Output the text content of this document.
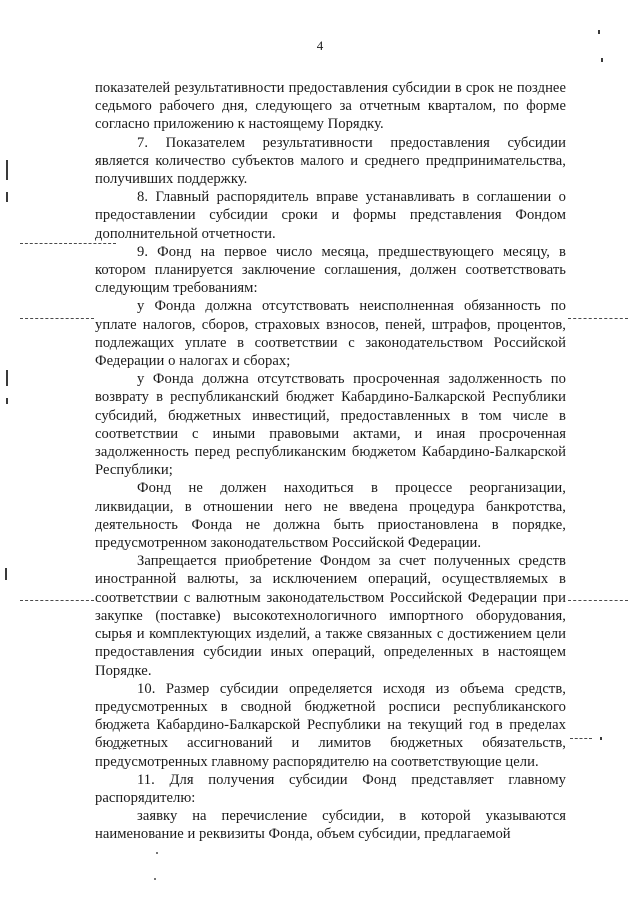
4

показателей результативности предоставления субсидии в срок не позднее седьмого рабочего дня, следующего за отчетным кварталом, по форме согласно приложению к настоящему Порядку.

7. Показателем результативности предоставления субсидии является количество субъектов малого и среднего предпринимательства, получивших поддержку.

8. Главный распорядитель вправе устанавливать в соглашении о предоставлении субсидии сроки и формы представления Фондом дополнительной отчетности.

9. Фонд на первое число месяца, предшествующего месяцу, в котором планируется заключение соглашения, должен соответствовать следующим требованиям:

у Фонда должна отсутствовать неисполненная обязанность по уплате налогов, сборов, страховых взносов, пеней, штрафов, процентов, подлежащих уплате в соответствии с законодательством Российской Федерации о налогах и сборах;

у Фонда должна отсутствовать просроченная задолженность по возврату в республиканский бюджет Кабардино-Балкарской Республики субсидий, бюджетных инвестиций, предоставленных в том числе в соответствии с иными правовыми актами, и иная просроченная задолженность перед республиканским бюджетом Кабардино-Балкарской Республики;

Фонд не должен находиться в процессе реорганизации, ликвидации, в отношении него не введена процедура банкротства, деятельность Фонда не должна быть приостановлена в порядке, предусмотренном законодательством Российской Федерации.

Запрещается приобретение Фондом за счет полученных средств иностранной валюты, за исключением операций, осуществляемых в соответствии с валютным законодательством Российской Федерации при закупке (поставке) высокотехнологичного импортного оборудования, сырья и комплектующих изделий, а также связанных с достижением цели предоставления субсидии иных операций, определенных в настоящем Порядке.

10. Размер субсидии определяется исходя из объема средств, предусмотренных в сводной бюджетной росписи республиканского бюджета Кабардино-Балкарской Республики на текущий год в пределах бюджетных ассигнований и лимитов бюджетных обязательств, предусмотренных главному распорядителю на соответствующие цели.

11. Для получения субсидии Фонд представляет главному распорядителю:

заявку на перечисление субсидии, в которой указываются наименование и реквизиты Фонда, объем субсидии, предлагаемой
